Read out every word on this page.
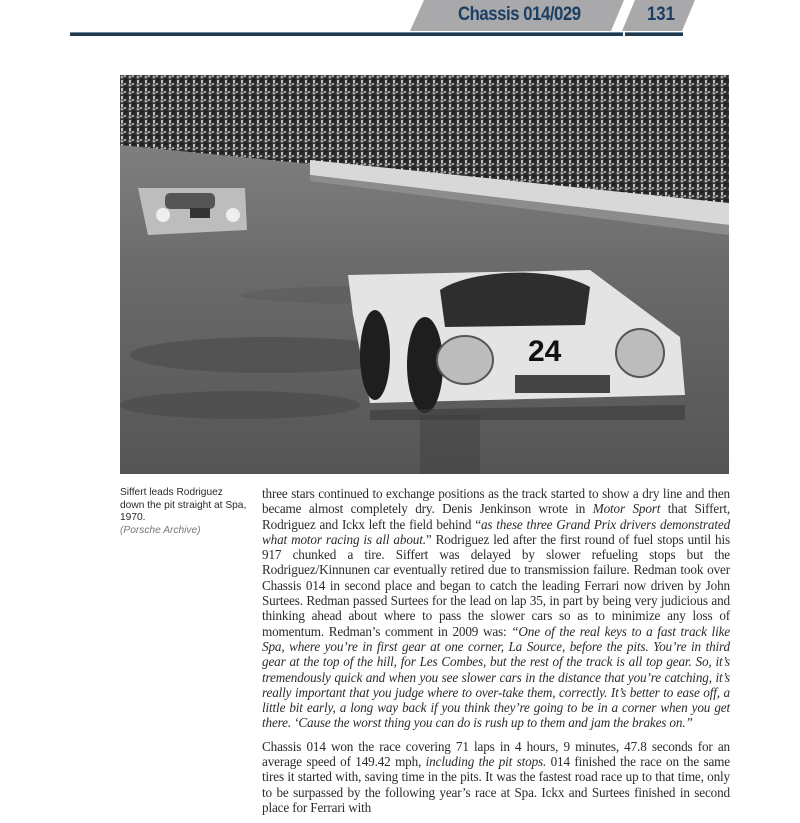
Chassis 014/029	131
24
Siffert leads Rodriguez down the pit straight at Spa, 1970.
(Porsche Archive)

three stars continued to exchange positions as the track started to show a dry line and then became almost completely dry. Denis Jenkinson wrote in Motor Sport that Siffert, Rodriguez and Ickx left the field behind “as these three Grand Prix drivers demonstrated what motor racing is all about.” Rodriguez led after the first round of fuel stops until his 917 chunked a tire. Siffert was delayed by slower refueling stops but the Rodriguez/Kinnunen car eventually retired due to transmission failure. Redman took over Chassis 014 in second place and began to catch the leading Ferrari now driven by John Surtees. Redman passed Surtees for the lead on lap 35, in part by being very judicious and thinking ahead about where to pass the slower cars so as to minimize any loss of momentum. Redman’s comment in 2009 was: “One of the real keys to a fast track like Spa, where you’re in first gear at one corner, La Source, before the pits. You’re in third gear at the top of the hill, for Les Combes, but the rest of the track is all top gear. So, it’s tremendously quick and when you see slower cars in the distance that you’re catching, it’s really important that you judge where to over-take them, correctly. It’s better to ease off, a little bit early, a long way back if you think they’re going to be in a corner when you get there. ‘Cause the worst thing you can do is rush up to them and jam the brakes on.”

Chassis 014 won the race covering 71 laps in 4 hours, 9 minutes, 47.8 seconds for an average speed of 149.42 mph, including the pit stops. 014 finished the race on the same tires it started with, saving time in the pits. It was the fastest road race up to that time, only to be surpassed by the following year’s race at Spa. Ickx and Surtees finished in second place for Ferrari with
